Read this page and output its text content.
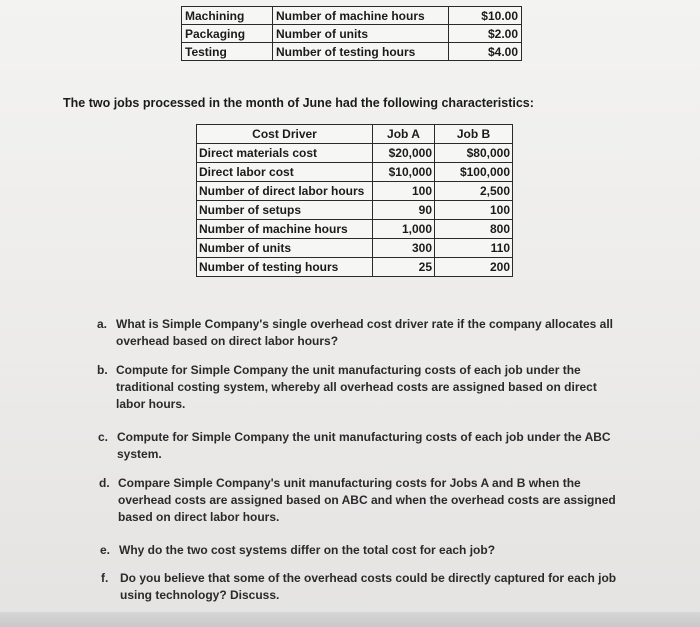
Machining	Number of machine hours	$10.00
Packaging	Number of units	$2.00
Testing	Number of testing hours	$4.00
The two jobs processed in the month of June had the following characteristics:
Cost Driver	Job A	Job B
Direct materials cost	$20,000	$80,000
Direct labor cost	$10,000	$100,000
Number of direct labor hours	100	2,500
Number of setups	90	100
Number of machine hours	1,000	800
Number of units	300	110
Number of testing hours	25	200
a. What is Simple Company's single overhead cost driver rate if the company allocates all
overhead based on direct labor hours?
b. Compute for Simple Company the unit manufacturing costs of each job under the
traditional costing system, whereby all overhead costs are assigned based on direct
labor hours.
c. Compute for Simple Company the unit manufacturing costs of each job under the ABC
system.
d. Compare Simple Company's unit manufacturing costs for Jobs A and B when the
overhead costs are assigned based on ABC and when the overhead costs are assigned
based on direct labor hours.
e. Why do the two cost systems differ on the total cost for each job?
f. Do you believe that some of the overhead costs could be directly captured for each job
using technology? Discuss.
